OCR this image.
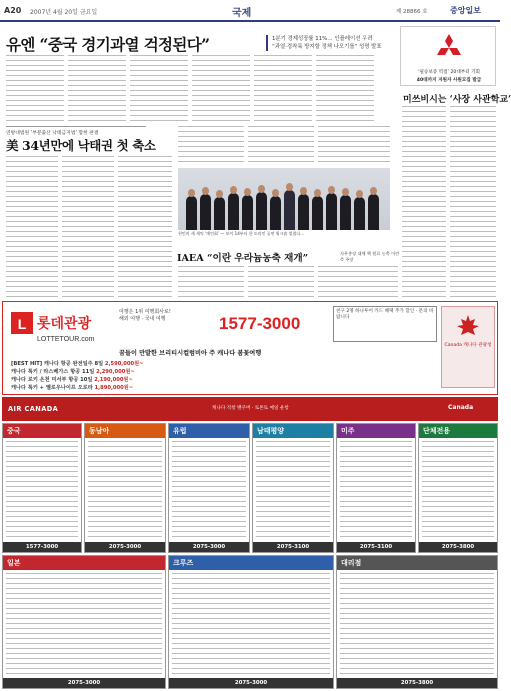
A20 2007년 4월 20일 금요일	국제	제 28866 호	중앙일보
유엔 “중국 경기과열 걱정된다”	1분기 경제성장률 11%… 인플레이션 우려
“과열·경착륙 방지할 정책 나오기를” 성명 발표
‘필승보증 역점’ 20대부터 기회
40대까지 지원자 사원모집 발급
미쓰비시는 ‘사장 사관학교’
연방대법원 ‘부분출산 낙태금지법’ 합헌 판결
美 34년만에 낙태권 첫 축소
천민의 새 새억 ‘예언회’ — 보이 14부터 한 도라인 공연 워크숍 열렸다…
IAEA “이란 우라늄농축 재개”	사무총장 대체 핵 원료 농축 이란 측 주장
L 롯데관광
LOTTETOUR.com
여행은 1위 여행회사로!
해외 여행 · 국내 여행	1577-3000
친구 2명 하나투어 카드 혜택 추가 할인 · 문의 바랍니다
Canada 캐나다 관광청
꿈들이 만발한 브리티시컬럼비아 주 캐나다 봄꽃여행
[BEST HIT] 캐나다 항공 완전일주 8일 2,590,000원~
캐나다 록키 / 라스베가스 항공 11일 2,290,000원~
캐나다 로키 온천 미서부 항공 10일 2,190,000원~
캐나다 록키 + 옐로우나이프 오로라 1,890,000원~
AIR CANADA	캐나다 직항 밴쿠버 · 토론토 매일 운항	Canada
중국
1577-3000
동남아
2075-3000
유럽
2075-3000
남태평양
2075-3100
미주
2075-3100
단체전용
2075-3800
일본
2075-3000
크루즈
2075-3000
대리점
2075-3800
